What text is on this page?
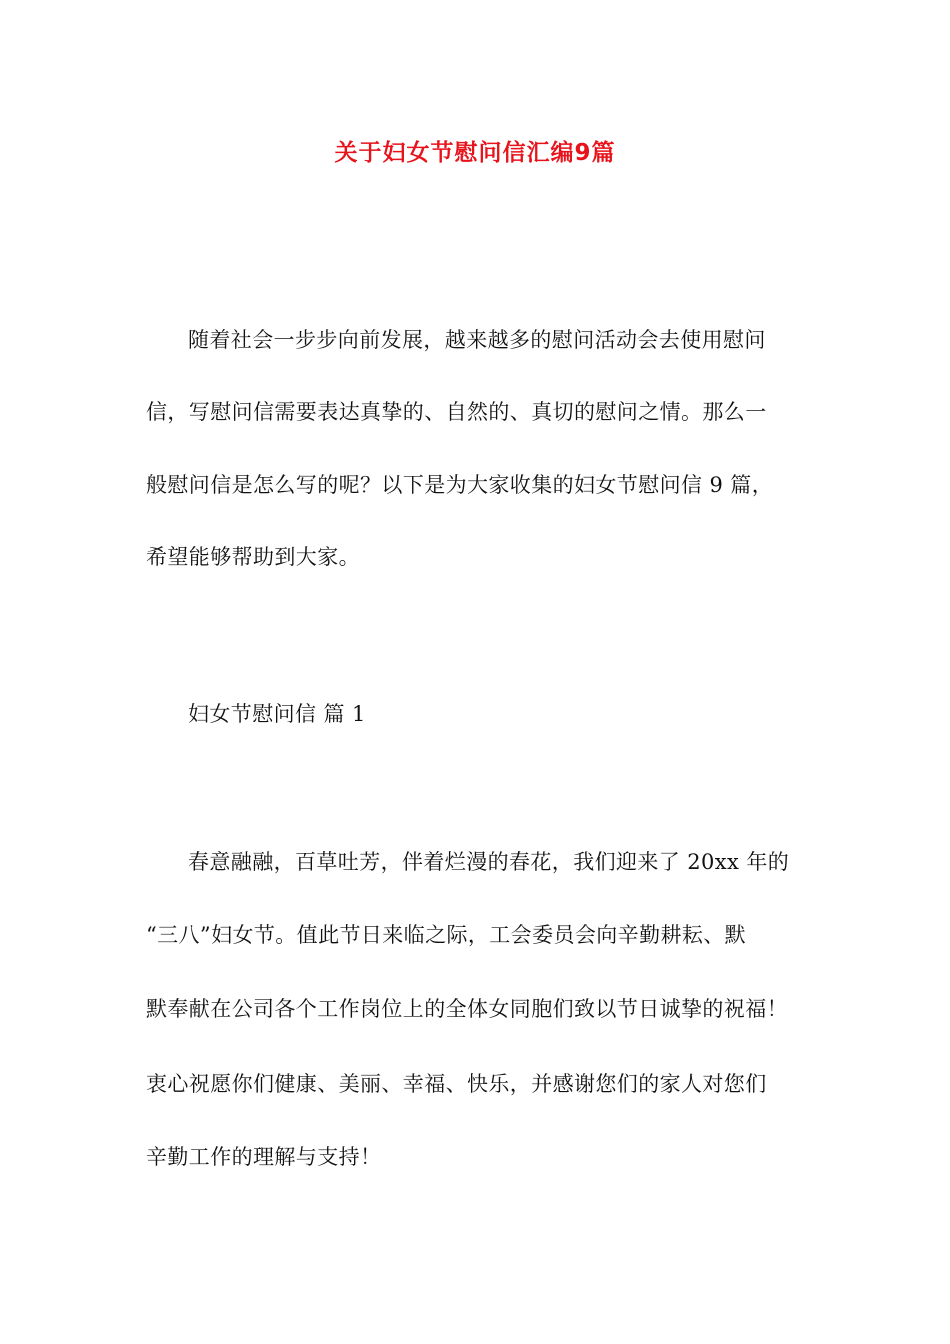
关于妇女节慰问信汇编9篇
随着社会一步步向前发展，越来越多的慰问活动会去使用慰问
信，写慰问信需要表达真挚的、自然的、真切的慰问之情。那么一
般慰问信是怎么写的呢？以下是为大家收集的妇女节慰问信 9 篇，
希望能够帮助到大家。
妇女节慰问信 篇 1
春意融融，百草吐芳，伴着烂漫的春花，我们迎来了 20xx 年的
“三八”妇女节。值此节日来临之际，工会委员会向辛勤耕耘、默
默奉献在公司各个工作岗位上的全体女同胞们致以节日诚挚的祝福！
衷心祝愿你们健康、美丽、幸福、快乐，并感谢您们的家人对您们
辛勤工作的理解与支持！
